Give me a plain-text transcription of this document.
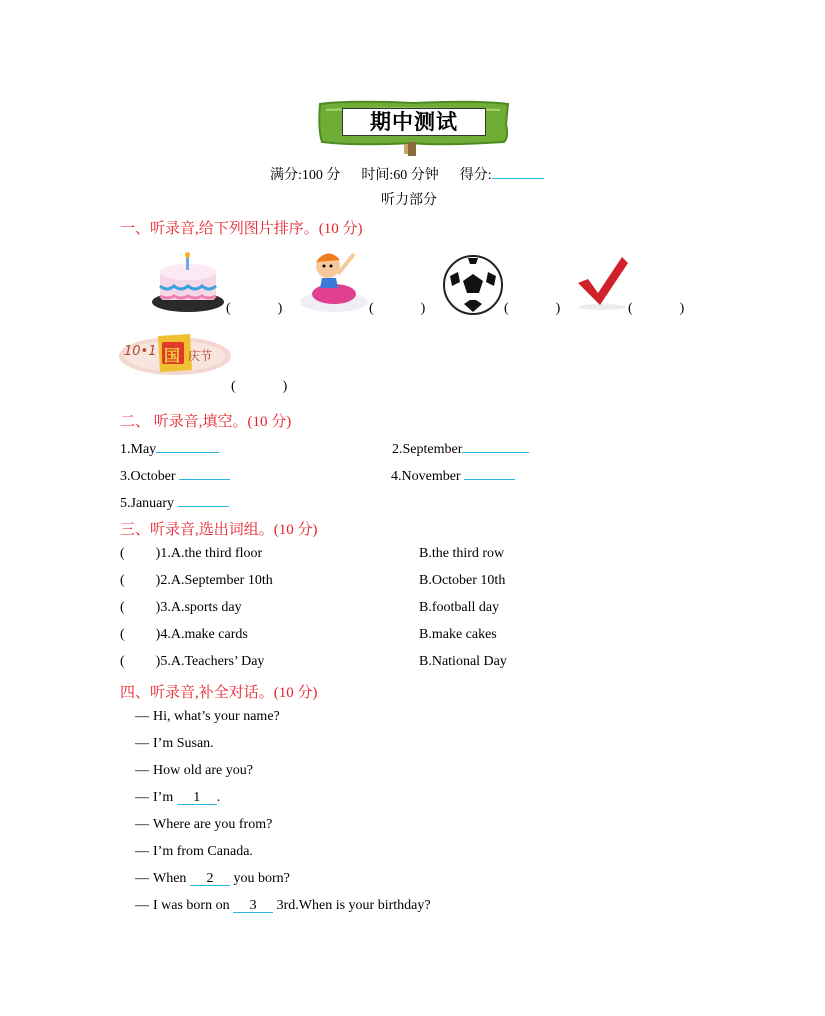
期中测试
满分:100 分 时间:60 分钟 得分:
听力部分
一、听录音,给下列图片排序。(10 分)
(	)	(	)	(	)	(	)
10•1 国 庆节
(	)
二、 听录音,填空。(10 分)
1.May	2.September
3.October	4.November
5.January
三、听录音,选出词组。(10 分)
( )1.A.the third floor	B.the third row
( )2.A.September 10th	B.October 10th
( )3.A.sports day	B.football day
( )4.A.make cards	B.make cakes
( )5.A.Teachers’ Day	B.National Day
四、听录音,补全对话。(10 分)
— Hi, what’s your name?
— I’m Susan.
— How old are you?
— I’m 1 .
— Where are you from?
— I’m from Canada.
— When 2 you born?
— I was born on 3 3rd.When is your birthday?
